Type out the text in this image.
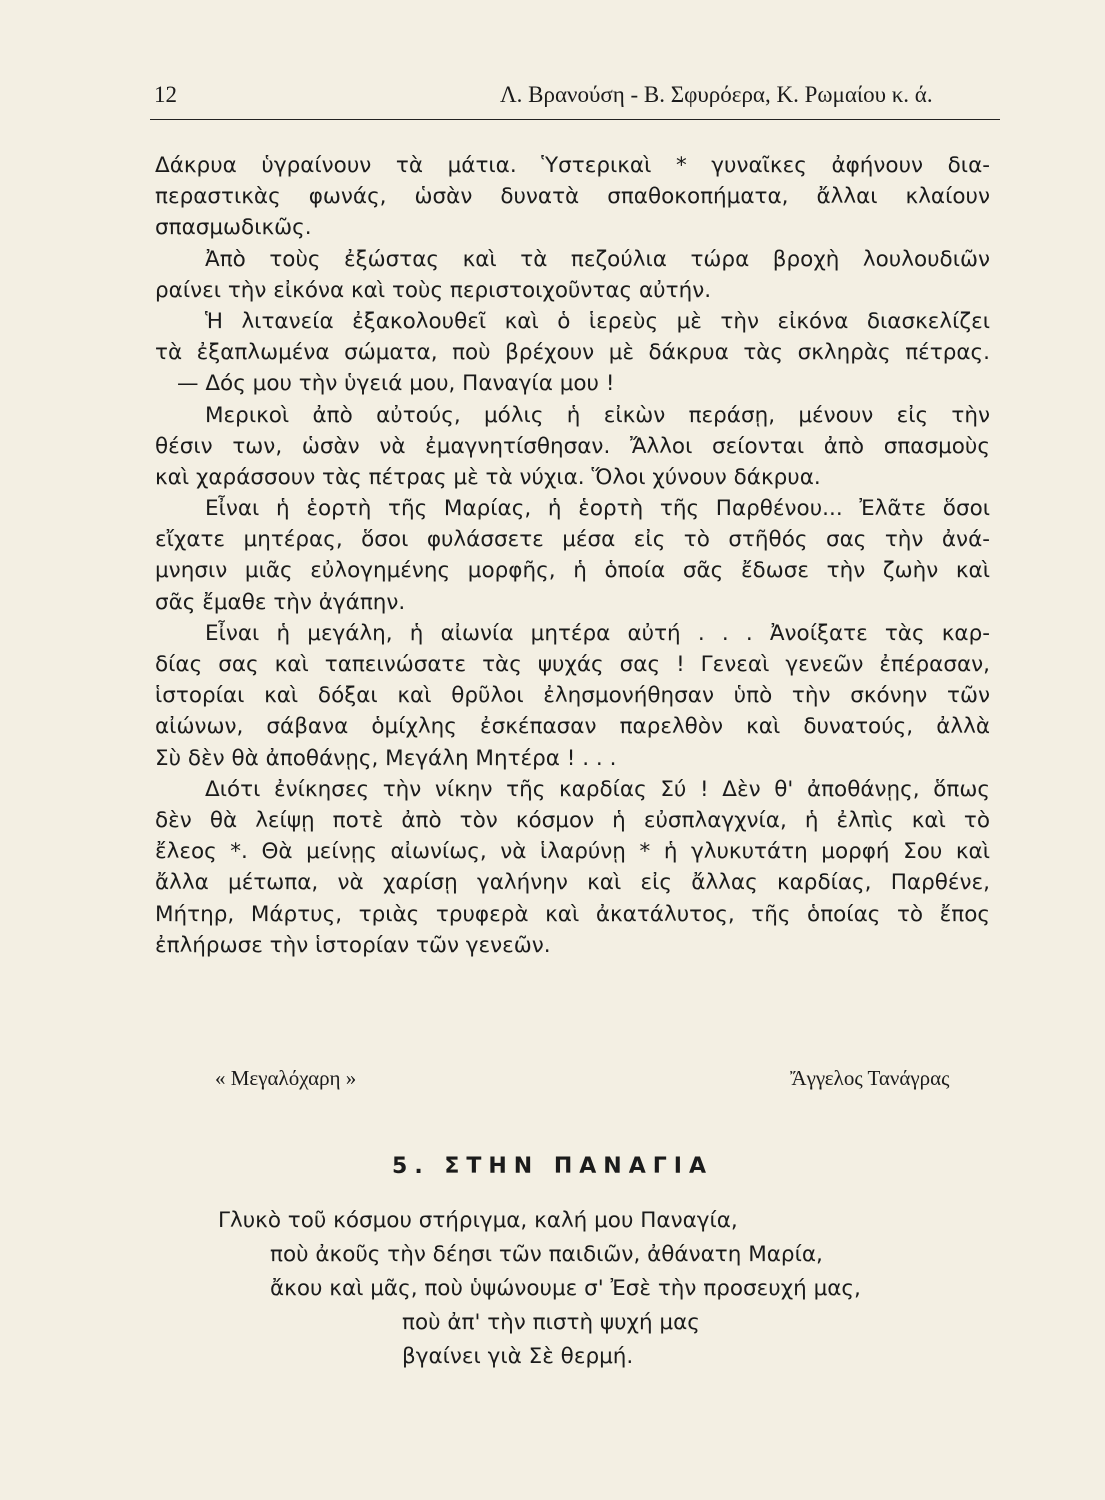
12	Λ. Βρανούση - Β. Σφυρόερα, Κ. Ρωμαίου κ. ά.
Δάκρυα ὑγραίνουν τὰ μάτια. Ὑστερικαὶ * γυναῖκες ἀφήνουν δια-
περαστικὰς φωνάς, ὡσὰν δυνατὰ σπαθοκοπήματα, ἄλλαι κλαίουν
σπασμωδικῶς.
Ἀπὸ τοὺς ἐξώστας καὶ τὰ πεζούλια τώρα βροχὴ λουλουδιῶν
ραίνει τὴν εἰκόνα καὶ τοὺς περιστοιχοῦντας αὐτήν.
Ἡ λιτανεία ἐξακολουθεῖ καὶ ὁ ἱερεὺς μὲ τὴν εἰκόνα διασκελίζει
τὰ ἐξαπλωμένα σώματα, ποὺ βρέχουν μὲ δάκρυα τὰς σκληρὰς πέτρας.
— Δός μου τὴν ὑγειά μου, Παναγία μου !
Μερικοὶ ἀπὸ αὐτούς, μόλις ἡ εἰκὼν περάσῃ, μένουν εἰς τὴν
θέσιν των, ὡσὰν νὰ ἐμαγνητίσθησαν. Ἄλλοι σείονται ἀπὸ σπασμοὺς
καὶ χαράσσουν τὰς πέτρας μὲ τὰ νύχια. Ὅλοι χύνουν δάκρυα.
Εἶναι ἡ ἑορτὴ τῆς Μαρίας, ἡ ἑορτὴ τῆς Παρθένου... Ἐλᾶτε ὅσοι
εἴχατε μητέρας, ὅσοι φυλάσσετε μέσα εἰς τὸ στῆθός σας τὴν ἀνά-
μνησιν μιᾶς εὐλογημένης μορφῆς, ἡ ὁποία σᾶς ἔδωσε τὴν ζωὴν καὶ
σᾶς ἔμαθε τὴν ἀγάπην.
Εἶναι ἡ μεγάλη, ἡ αἰωνία μητέρα αὐτή . . . Ἀνοίξατε τὰς καρ-
δίας σας καὶ ταπεινώσατε τὰς ψυχάς σας ! Γενεαὶ γενεῶν ἐπέρασαν,
ἱστορίαι καὶ δόξαι καὶ θρῦλοι ἐλησμονήθησαν ὑπὸ τὴν σκόνην τῶν
αἰώνων, σάβανα ὁμίχλης ἐσκέπασαν παρελθὸν καὶ δυνατούς, ἀλλὰ
Σὺ δὲν θὰ ἀποθάνῃς, Μεγάλη Μητέρα ! . . .
Διότι ἐνίκησες τὴν νίκην τῆς καρδίας Σύ ! Δὲν θ' ἀποθάνῃς, ὅπως
δὲν θὰ λείψῃ ποτὲ ἀπὸ τὸν κόσμον ἡ εὐσπλαγχνία, ἡ ἐλπὶς καὶ τὸ
ἔλεος *. Θὰ μείνῃς αἰωνίως, νὰ ἱλαρύνῃ * ἡ γλυκυτάτη μορφή Σου καὶ
ἄλλα μέτωπα, νὰ χαρίσῃ γαλήνην καὶ εἰς ἄλλας καρδίας, Παρθένε,
Μήτηρ, Μάρτυς, τριὰς τρυφερὰ καὶ ἀκατάλυτος, τῆς ὁποίας τὸ ἔπος
ἐπλήρωσε τὴν ἱστορίαν τῶν γενεῶν.
« Μεγαλόχαρη »	Ἄγγελος Τανάγρας
5. ΣΤΗΝ ΠΑΝΑΓΙΑ
Γλυκὸ τοῦ κόσμου στήριγμα, καλή μου Παναγία,
ποὺ ἀκοῦς τὴν δέησι τῶν παιδιῶν, ἀθάνατη Μαρία,
ἄκου καὶ μᾶς, ποὺ ὑψώνουμε σ' Ἐσὲ τὴν προσευχή μας,
ποὺ ἀπ' τὴν πιστὴ ψυχή μας
βγαίνει γιὰ Σὲ θερμή.
